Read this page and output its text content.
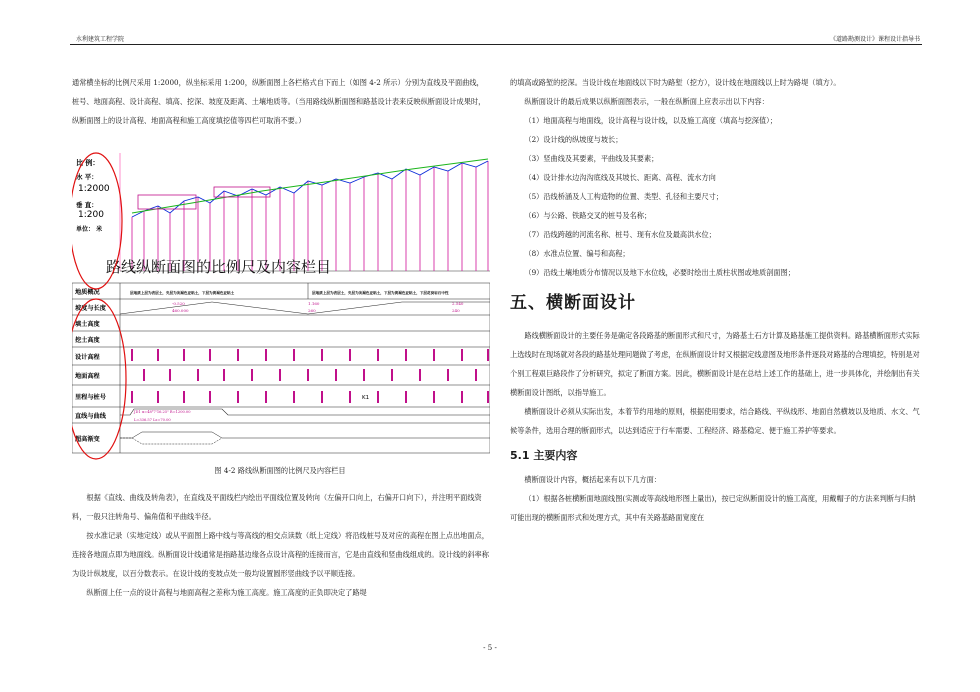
水利建筑工程学院	《道路勘测设计》课程设计指导书

通常横坐标的比例尺采用 1:2000，纵坐标采用 1:200，纵断面图上各栏格式自下而上（如图 4-2 所示）分别为直线及平面曲线，桩号、地面高程、设计高程、填高、挖深、坡度及距离、土壤地质等。（当用路线纵断面图和路基设计表来反映纵断面设计成果时，纵断面图上的设计高程、地面高程和施工高度填挖值等四栏可取消不要。）

比 例：
水 平：
1:2000
垂 直：
1:200
单位： 米
路线纵断面图的比例尺及内容栏目
地质概况
坡度与长度
填土高度
挖土高度
设计高程
地面高程
里程与桩号
直线与曲线
超高渐变
层地质上层为表层土，夹层为灰褐色亚粘土，下层为黄褐色亚粘土	层地质上层为表层土，夹层为灰褐色亚粘土，下层为黄褐色亚粘土，下层花岗岩石中性
-0.520
460.000
1.160
260
2.540
240
K1
JD1 α=48°7'16.25" R=1200.00
L=336.57 Ls=70.00
图 4-2 路线纵断面图的比例尺及内容栏目

根据《直线、曲线及转角表》，在直线及平面线栏内绘出平面线位置及转向（左偏开口向上，右偏开口向下），并注明平面线资料，一般只注转角号、偏角值和平曲线半径。

按水准记录（实地定线）或从平面图上路中线与等高线的相交点读数（纸上定线）将沿线桩号及对应的高程在图上点出地面点，连接各地面点即为地面线。纵断面设计线通常是指路基边缘各点设计高程的连接而言，它是由直线和竖曲线组成的。设计线的斜率称为设计纵坡度，以百分数表示。在设计线的变坡点处一般均设置圆形竖曲线予以平顺连接。

纵断面上任一点的设计高程与地面高程之差称为施工高度。施工高度的正负即决定了路堤

的填高或路堑的挖深。当设计线在地面线以下时为路堑（挖方），设计线在地面线以上时为路堤（填方）。

纵断面设计的最后成果以纵断面图表示，一般在纵断面上应表示出以下内容：

（1）地面高程与地面线，设计高程与设计线，以及施工高度（填高与挖深值）；

（2）设计线的纵坡度与坡长；

（3）竖曲线及其要素，平曲线及其要素；

（4）设计排水边沟沟底线及其坡长、距离、高程、流水方向

（5）沿线桥涵及人工构造物的位置、类型、孔径和主要尺寸；

（6）与公路、铁路交叉的桩号及名称；

（7）沿线跨越的河流名称、桩号、现有水位及最高洪水位；

（8）水准点位置、编号和高程；

（9）沿线土壤地质分布情况以及地下水位线，必要时绘出土质柱状图或地质剖面图；

五、横断面设计

路线横断面设计的主要任务是确定各段路基的断面形式和尺寸，为路基土石方计算及路基施工提供资料。路基横断面形式实际上选线时在现场就对各段的路基处理问题做了考虑，在纵断面设计时又根据定线意图及地形条件逐段对路基的合理填挖，特别是对个别工程艰巨路段作了分析研究，拟定了断面方案。因此，横断面设计是在总结上述工作的基础上，进一步具体化，并绘制出有关横断面设计图纸，以指导施工。

横断面设计必须从实际出发，本着节约用地的原则，根据使用要求，结合路线、平纵线形、地面自然横坡以及地质、水文、气候等条件，选用合理的断面形式，以达到适应于行车需要、工程经济、路基稳定、便于施工养护等要求。

5.1 主要内容

横断面设计内容，概括起来有以下几方面：

（1）根据各桩横断面地面线图(实测或等高线地形图上量出)，按已定纵断面设计的施工高度，用戴帽子的方法来判断与归纳可能出现的横断面形式和处理方式，其中有关路基路面宽度在

- 5 -
